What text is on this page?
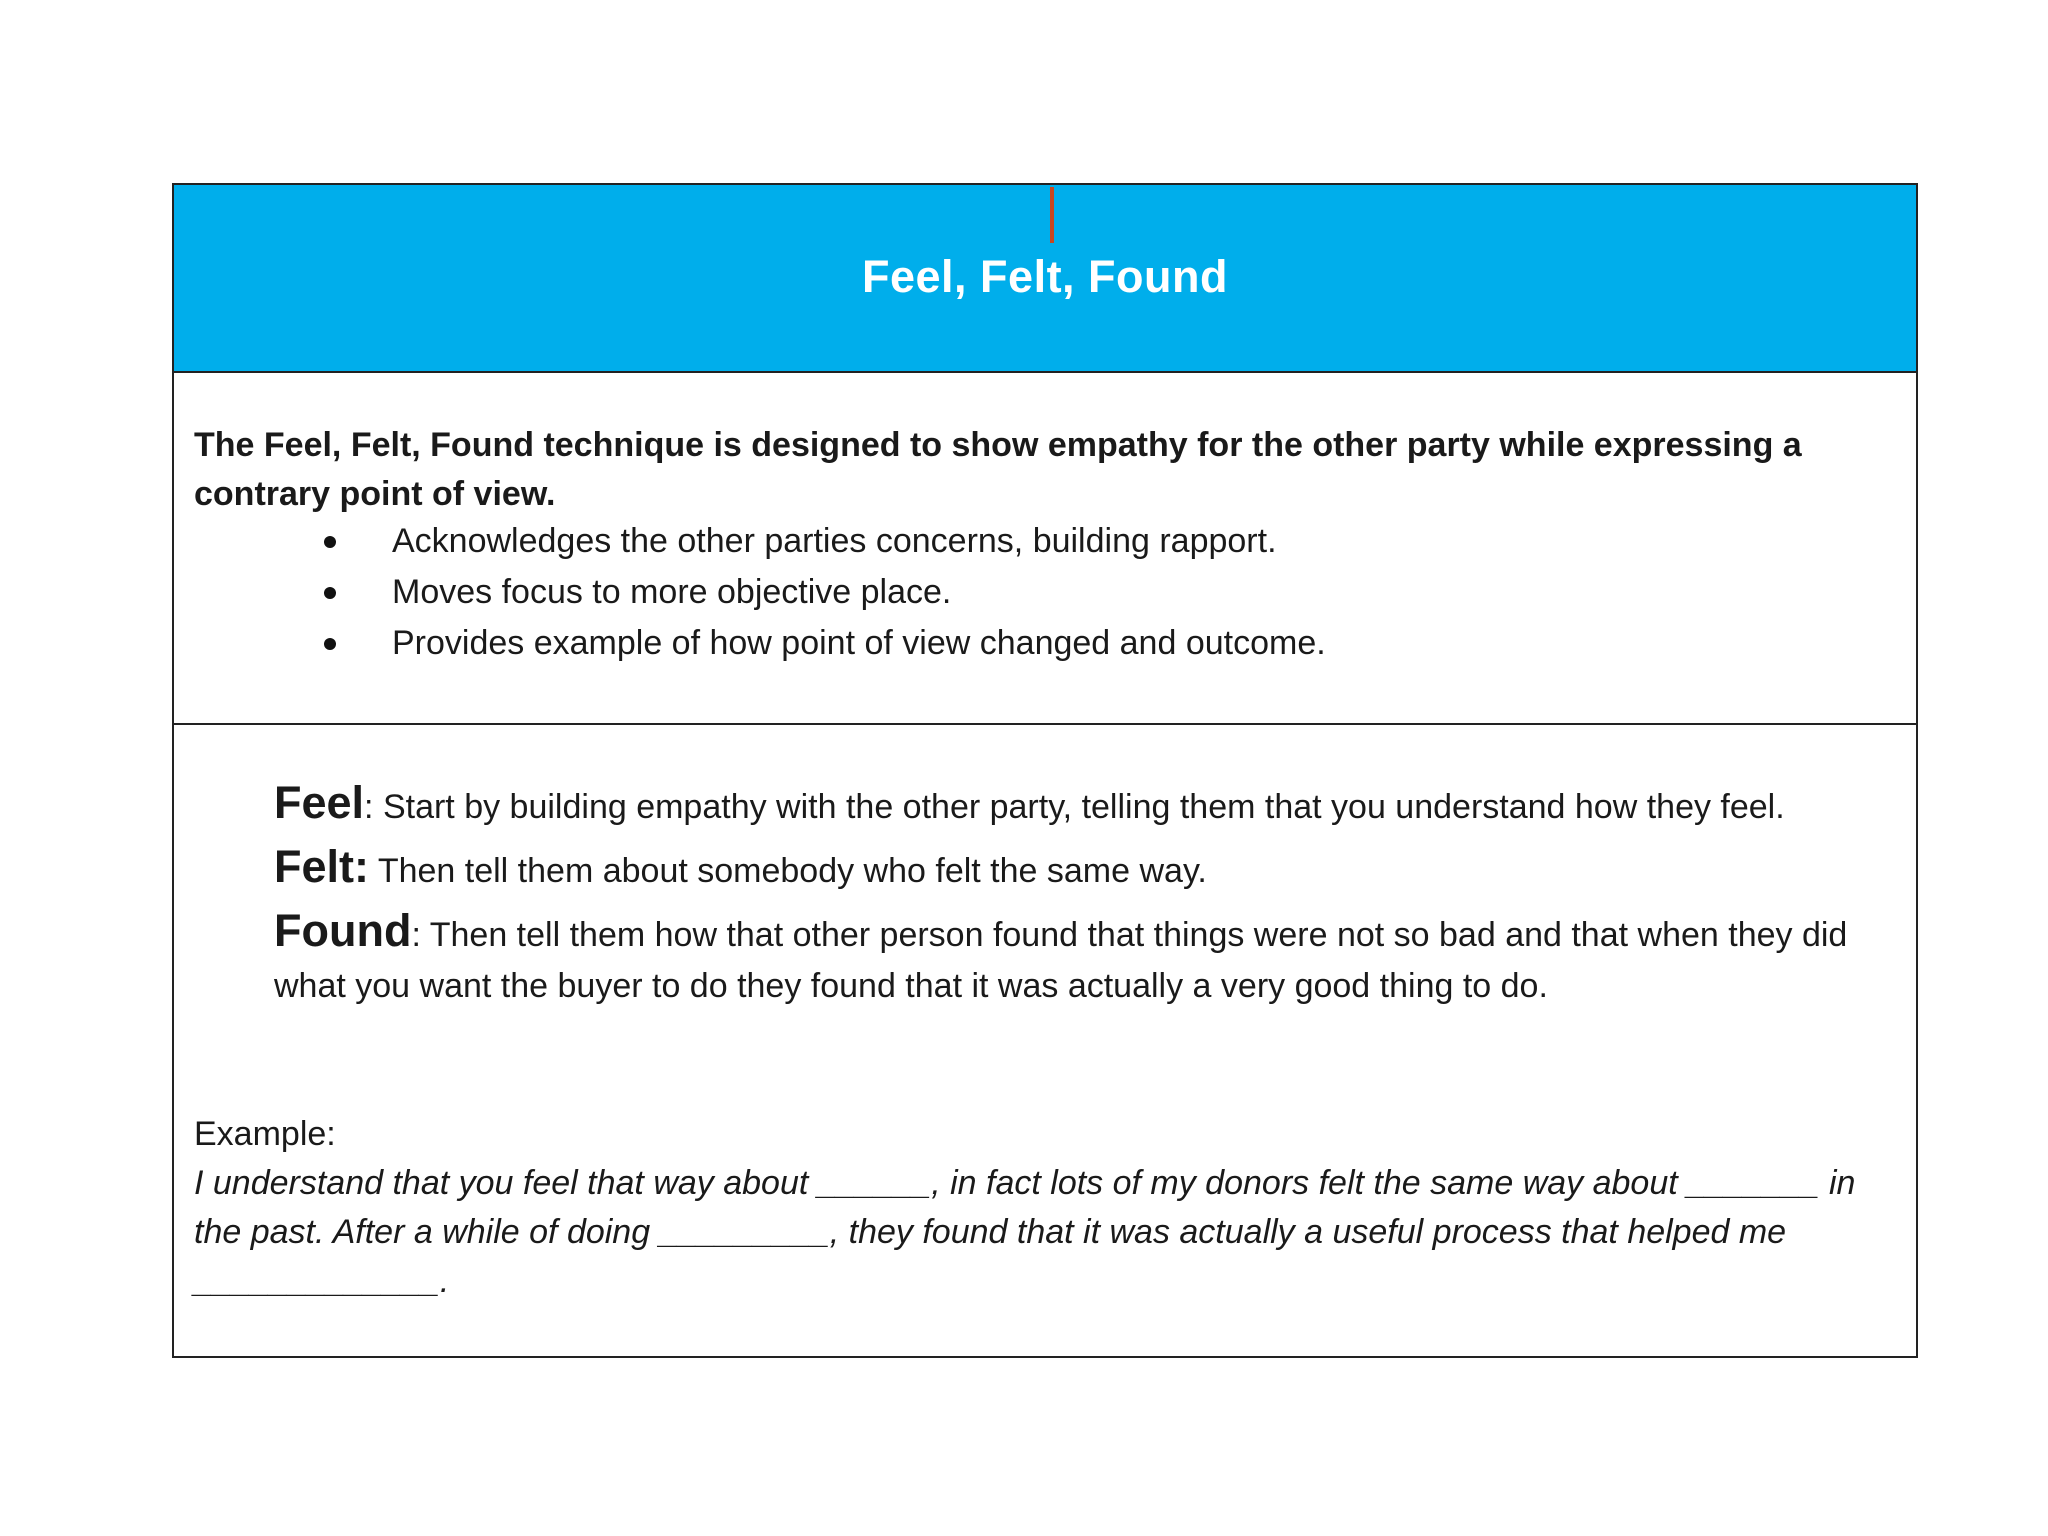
Feel, Felt, Found
The Feel, Felt, Found technique is designed to show empathy for the other party while expressing a contrary point of view.
Acknowledges the other parties concerns, building rapport.
Moves focus to more objective place.
Provides example of how point of view changed and outcome.
Feel: Start by building empathy with the other party, telling them that you understand how they feel.
Felt: Then tell them about somebody who felt the same way.
Found: Then tell them how that other person found that things were not so bad and that when they did what you want the buyer to do they found that it was actually a very good thing to do.
Example:
I understand that you feel that way about ______, in fact lots of my donors felt the same way about _______ in the past. After a while of doing _________, they found that it was actually a useful process that helped me _____________.
